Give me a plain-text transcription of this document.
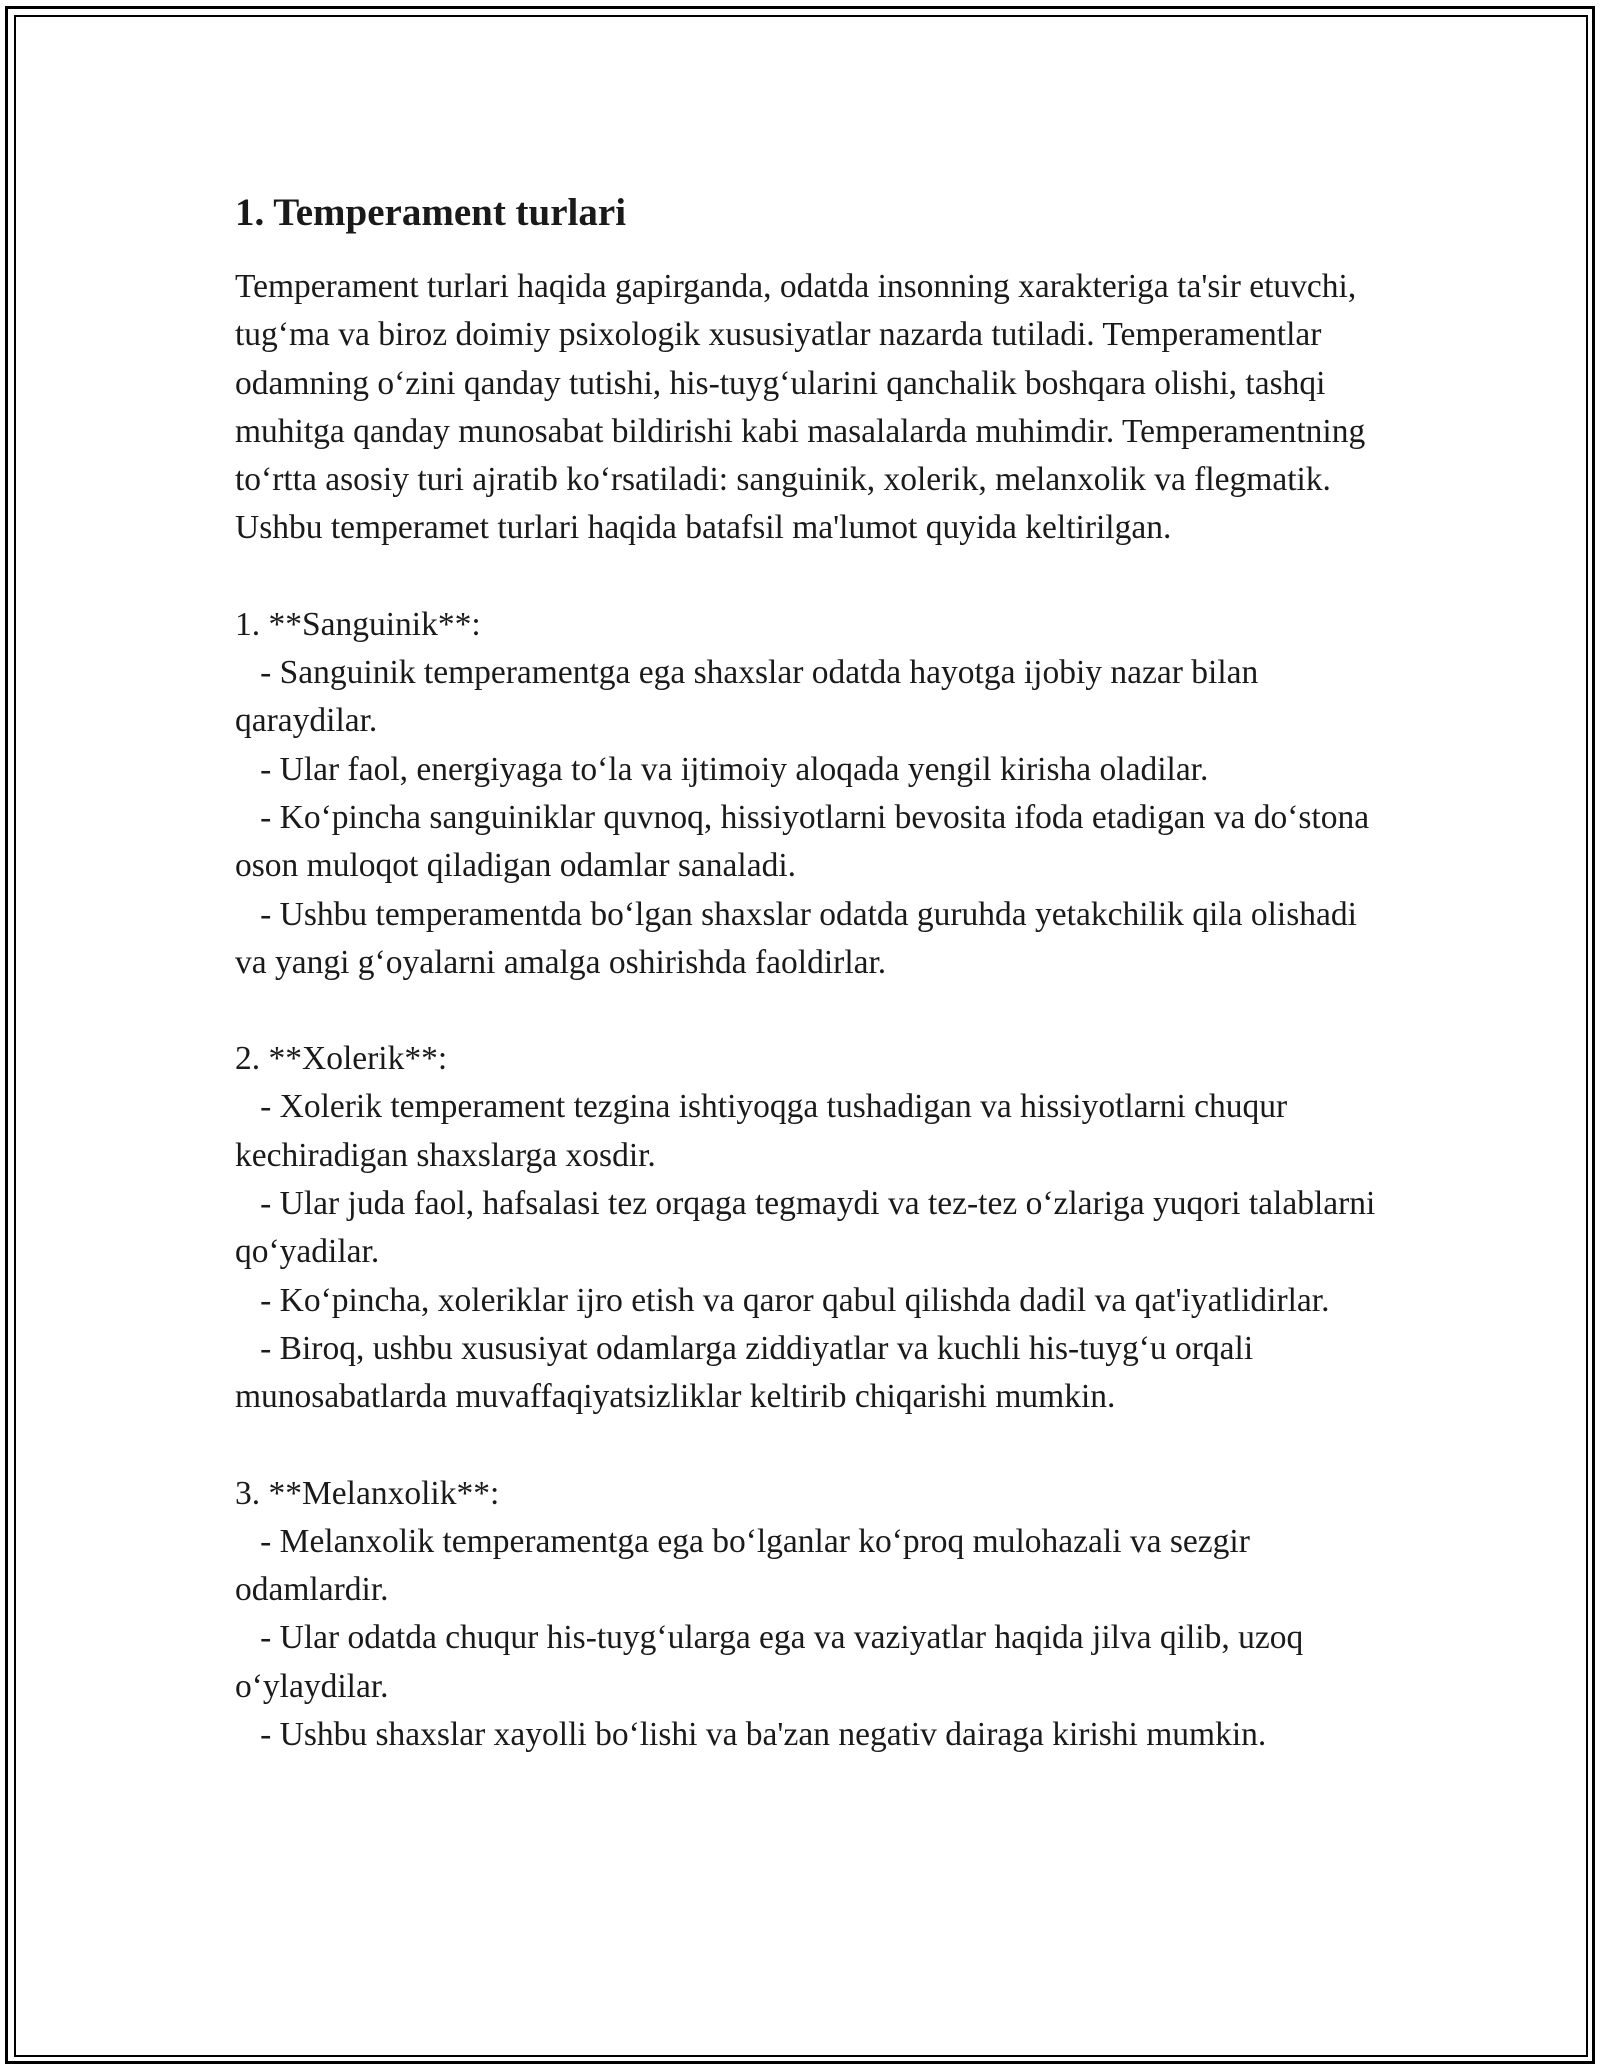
1. Temperament turlari

Temperament turlari haqida gapirganda, odatda insonning xarakteriga ta'sir etuvchi, tug‘ma va biroz doimiy psixologik xususiyatlar nazarda tutiladi. Temperamentlar odamning o‘zini qanday tutishi, his-tuyg‘ularini qanchalik boshqara olishi, tashqi muhitga qanday munosabat bildirishi kabi masalalarda muhimdir. Temperamentning to‘rtta asosiy turi ajratib ko‘rsatiladi: sanguinik, xolerik, melanxolik va flegmatik. Ushbu temperamet turlari haqida batafsil ma'lumot quyida keltirilgan.

1. **Sanguinik**:

- Sanguinik temperamentga ega shaxslar odatda hayotga ijobiy nazar bilan qaraydilar.

- Ular faol, energiyaga to‘la va ijtimoiy aloqada yengil kirisha oladilar.

- Ko‘pincha sanguiniklar quvnoq, hissiyotlarni bevosita ifoda etadigan va do‘stona oson muloqot qiladigan odamlar sanaladi.

- Ushbu temperamentda bo‘lgan shaxslar odatda guruhda yetakchilik qila olishadi va yangi g‘oyalarni amalga oshirishda faoldirlar.

2. **Xolerik**:

- Xolerik temperament tezgina ishtiyoqga tushadigan va hissiyotlarni chuqur kechiradigan shaxslarga xosdir.

- Ular juda faol, hafsalasi tez orqaga tegmaydi va tez-tez o‘zlariga yuqori talablarni qo‘yadilar.

- Ko‘pincha, xoleriklar ijro etish va qaror qabul qilishda dadil va qat'iyatlidirlar.

- Biroq, ushbu xususiyat odamlarga ziddiyatlar va kuchli his-tuyg‘u orqali munosabatlarda muvaffaqiyatsizliklar keltirib chiqarishi mumkin.

3. **Melanxolik**:

- Melanxolik temperamentga ega bo‘lganlar ko‘proq mulohazali va sezgir odamlardir.

- Ular odatda chuqur his-tuyg‘ularga ega va vaziyatlar haqida jilva qilib, uzoq o‘ylaydilar.

- Ushbu shaxslar xayolli bo‘lishi va ba'zan negativ dairaga kirishi mumkin.
